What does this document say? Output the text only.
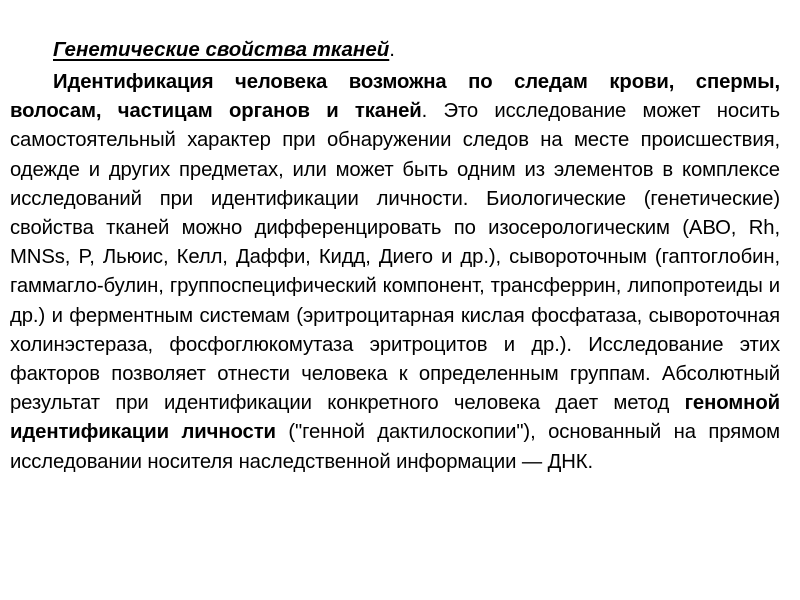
Генетические свойства тканей.

Идентификация человека возможна по следам крови, спермы, волосам, частицам органов и тканей. Это исследование может носить самостоятельный характер при обнаружении следов на месте происшествия, одежде и других предметах, или может быть одним из элементов в комплексе исследований при идентификации личности. Биологические (генетические) свойства тканей можно дифференцировать по изосерологическим (АВО, Rh, MNSs, P, Льюис, Келл, Даффи, Кидд, Диего и др.), сывороточным (гаптоглобин, гаммагло-булин, группоспецифический компонент, трансферрин, липопротеиды и др.) и ферментным системам (эритроцитарная кислая фосфатаза, сывороточная холинэстераза, фосфоглюкомутаза эритроцитов и др.). Исследование этих факторов позволяет отнести человека к определенным группам. Абсолютный результат при идентификации конкретного человека дает метод геномной идентификации личности ("генной дактилоскопии"), основанный на прямом исследовании носителя наследственной информации — ДНК.
